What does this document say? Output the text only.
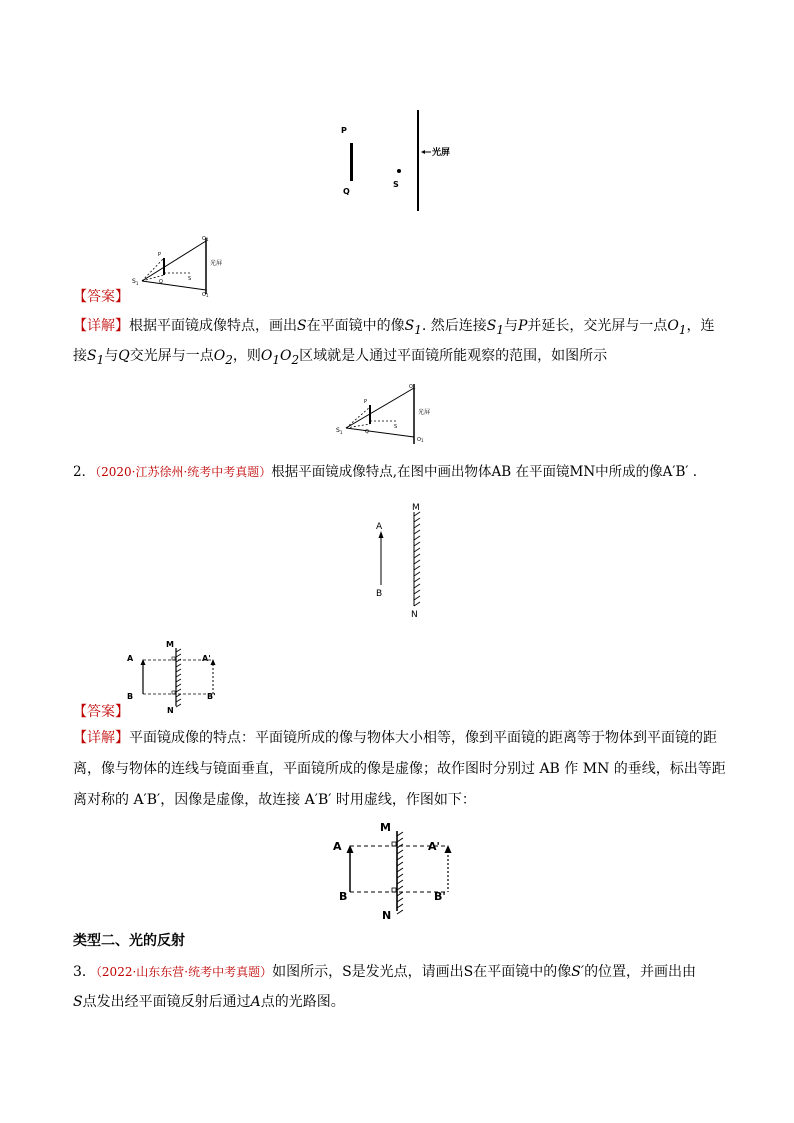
P
Q
S
光屏
$S_1$
P
Q	S
$O_1$
$O_1$
光屏
【答案】
【详解】根据平面镜成像特点，画出S在平面镜中的像$S_1$. 然后连接$S_1$与P并延长，交光屏与一点$O_1$，连
接$S_1$与Q交光屏与一点$O_2$，则$O_1O_2$区域就是人通过平面镜所能观察的范围，如图所示
$S_1$
P
Q
S
$O_1$
$O_1$
光屏
2．（2020·江苏徐州·统考中考真题）根据平面镜成像特点,在图中画出物体AB 在平面镜MN中所成的像A′B′ .
A
B
M
N
A
B
M
N
A'
B'
【答案】
【详解】平面镜成像的特点：平面镜所成的像与物体大小相等，像到平面镜的距离等于物体到平面镜的距
离，像与物体的连线与镜面垂直，平面镜所成的像是虚像；故作图时分别过 AB 作 MN 的垂线，标出等距
离对称的 A′B′，因像是虚像，故连接 A′B′ 时用虚线，作图如下：
A
B
M
N
A'
B'
类型二、光的反射
3．（2022·山东东营·统考中考真题）如图所示，S是发光点，请画出S在平面镜中的像S′的位置，并画出由
S点发出经平面镜反射后通过A点的光路图。
